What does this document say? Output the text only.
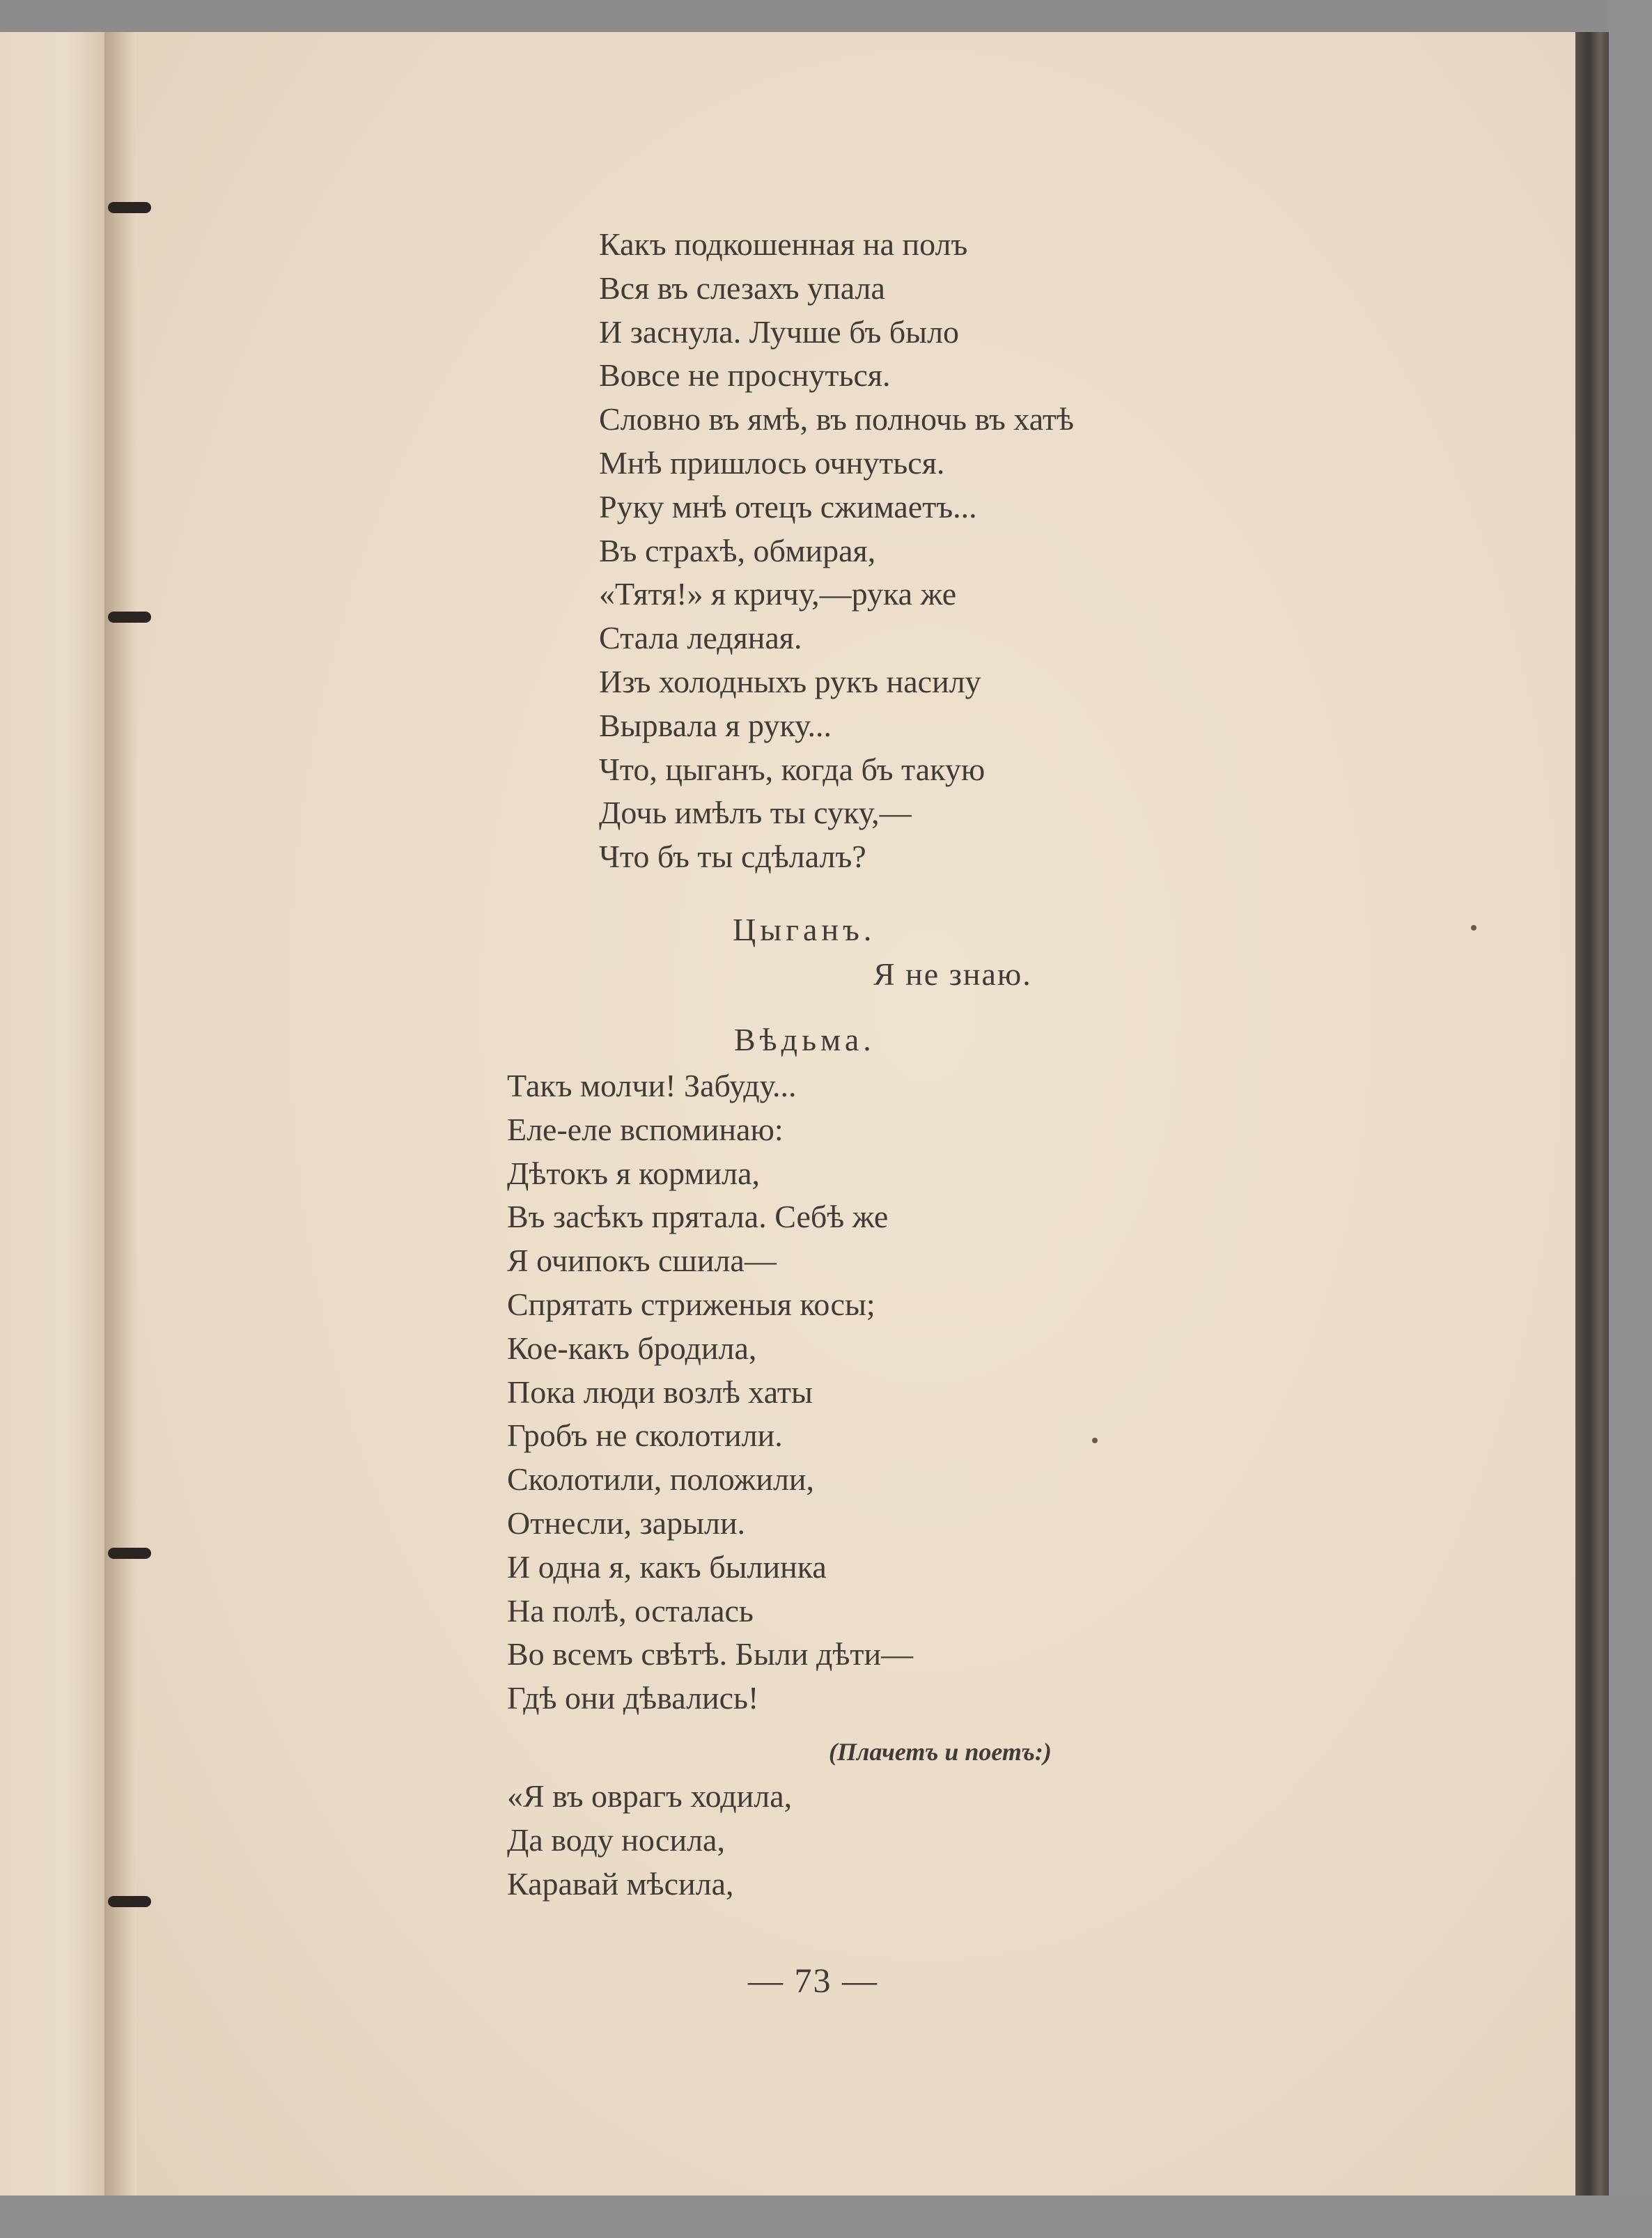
Какъ подкошенная на полъ
Вся въ слезахъ упала
И заснула. Лучше бъ было
Вовсе не проснуться.
Словно въ ямѣ, въ полночь въ хатѣ
Мнѣ пришлось очнуться.
Руку мнѣ отецъ сжимаетъ...
Въ страхѣ, обмирая,
«Тятя!» я кричу,—рука же
Стала ледяная.
Изъ холодныхъ рукъ насилу
Вырвала я руку...
Что, цыганъ, когда бъ такую
Дочь имѣлъ ты суку,—
Что бъ ты сдѣлалъ?
Цыганъ.
Я не знаю.
Вѣдьма.
Такъ молчи! Забуду...
Еле-еле вспоминаю:
Дѣтокъ я кормила,
Въ засѣкъ прятала. Себѣ же
Я очипокъ сшила—
Спрятать стриженыя косы;
Кое-какъ бродила,
Пока люди возлѣ хаты
Гробъ не сколотили.
Сколотили, положили,
Отнесли, зарыли.
И одна я, какъ былинка
На полѣ, осталась
Во всемъ свѣтѣ. Были дѣти—
Гдѣ они дѣвались!
(Плачетъ и поетъ:)
«Я въ оврагъ ходила,
Да воду носила,
Каравай мѣсила,
— 73 —
